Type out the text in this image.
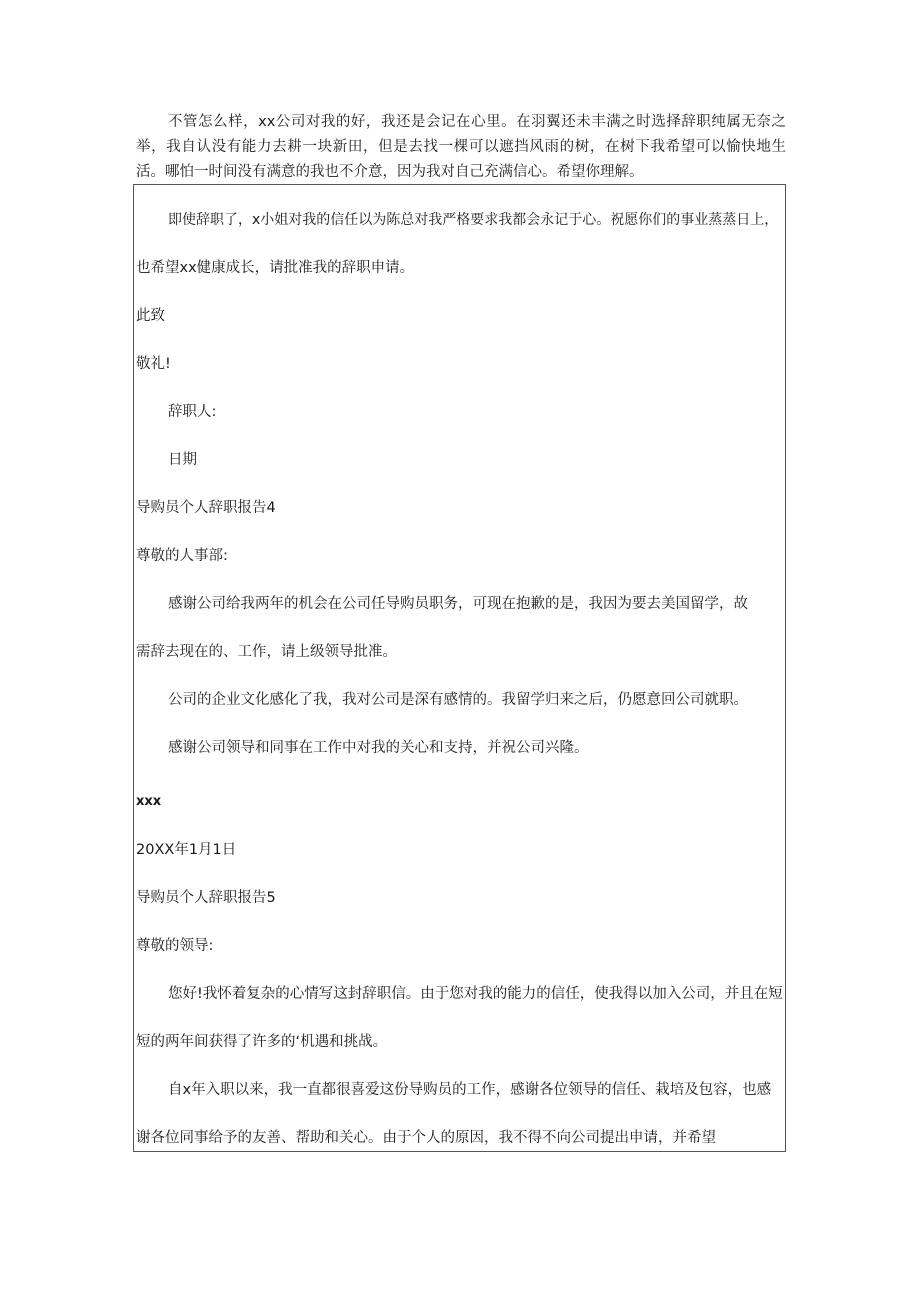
不管怎么样，xx公司对我的好，我还是会记在心里。在羽翼还未丰满之时选择辞职纯属无奈之举，我自认没有能力去耕一块新田，但是去找一棵可以遮挡风雨的树，在树下我希望可以愉快地生活。哪怕一时间没有满意的我也不介意，因为我对自己充满信心。希望你理解。

即使辞职了，x小姐对我的信任以为陈总对我严格要求我都会永记于心。祝愿你们的事业蒸蒸日上，
也希望xx健康成长，请批准我的辞职申请。
此致
敬礼!
辞职人:
日期
导购员个人辞职报告4
尊敬的人事部:
感谢公司给我两年的机会在公司任导购员职务，可现在抱歉的是，我因为要去美国留学，故
需辞去现在的、工作，请上级领导批准。
公司的企业文化感化了我，我对公司是深有感情的。我留学归来之后，仍愿意回公司就职。
感谢公司领导和同事在工作中对我的关心和支持，并祝公司兴隆。
xxx
20XX年1月1日
导购员个人辞职报告5
尊敬的领导:
您好!我怀着复杂的心情写这封辞职信。由于您对我的能力的信任，使我得以加入公司，并且在短
短的两年间获得了许多的‘机遇和挑战。
自x年入职以来，我一直都很喜爱这份导购员的工作，感谢各位领导的信任、栽培及包容，也感
谢各位同事给予的友善、帮助和关心。由于个人的原因，我不得不向公司提出申请，并希望
